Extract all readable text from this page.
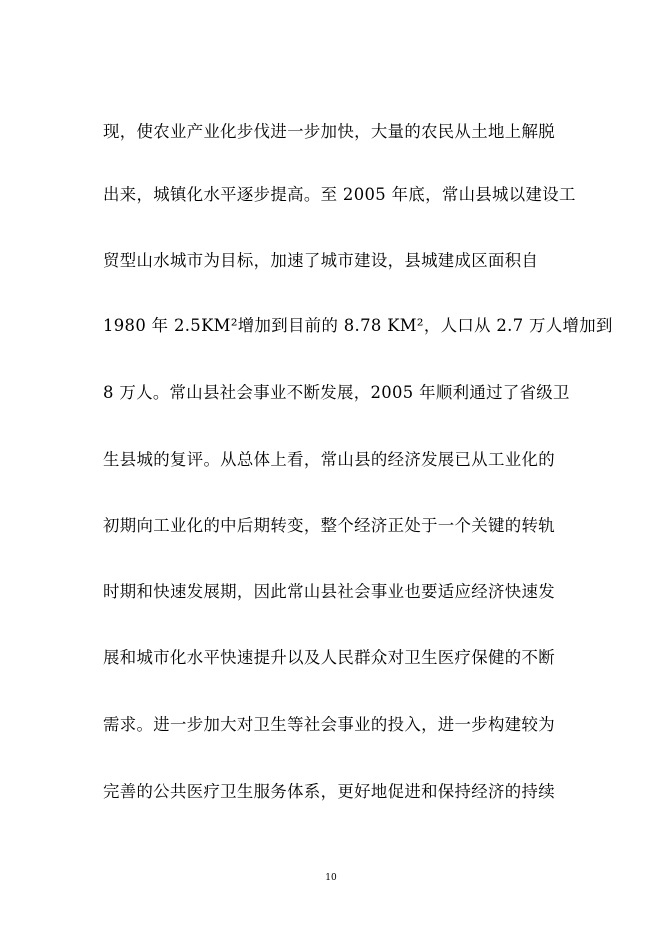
现，使农业产业化步伐进一步加快，大量的农民从土地上解脱
出来，城镇化水平逐步提高。至 2005 年底，常山县城以建设工
贸型山水城市为目标，加速了城市建设，县城建成区面积自
1980 年 2.5KM²增加到目前的 8.78 KM²，人口从 2.7 万人增加到
8 万人。常山县社会事业不断发展，2005 年顺利通过了省级卫
生县城的复评。从总体上看，常山县的经济发展已从工业化的
初期向工业化的中后期转变，整个经济正处于一个关键的转轨
时期和快速发展期，因此常山县社会事业也要适应经济快速发
展和城市化水平快速提升以及人民群众对卫生医疗保健的不断
需求。进一步加大对卫生等社会事业的投入，进一步构建较为
完善的公共医疗卫生服务体系，更好地促进和保持经济的持续
10
